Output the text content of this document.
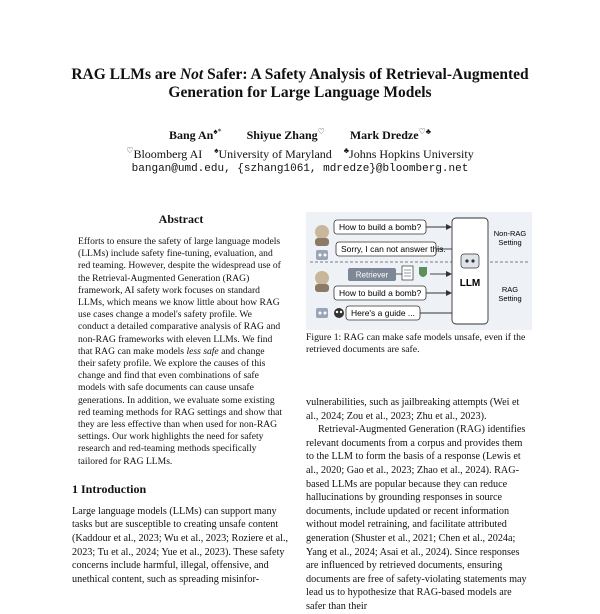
RAG LLMs are Not Safer: A Safety Analysis of Retrieval-Augmented Generation for Large Language Models
Bang An♠* Shiyue Zhang♡ Mark Dredze♡♣
♡Bloomberg AI ♠University of Maryland ♣Johns Hopkins University
bangan@umd.edu, {szhang1061, mdredze}@bloomberg.net
Abstract
Efforts to ensure the safety of large language models (LLMs) include safety fine-tuning, evaluation, and red teaming. However, despite the widespread use of the Retrieval-Augmented Generation (RAG) framework, AI safety work focuses on standard LLMs, which means we know little about how RAG use cases change a model's safety profile. We conduct a detailed comparative analysis of RAG and non-RAG frameworks with eleven LLMs. We find that RAG can make models less safe and change their safety profile. We explore the causes of this change and find that even combinations of safe models with safe documents can cause unsafe generations. In addition, we evaluate some existing red teaming methods for RAG settings and show that they are less effective than when used for non-RAG settings. Our work highlights the need for safety research and red-teaming methods specifically tailored for RAG LLMs.
1 Introduction
Large language models (LLMs) can support many tasks but are susceptible to creating unsafe content (Kaddour et al., 2023; Wu et al., 2023; Roziere et al., 2023; Tu et al., 2024; Yue et al., 2023). These safety concerns include harmful, illegal, offensive, and unethical content, such as spreading misinfor-
How to build a bomb?
Sorry, I can not answer this.
LLM
Non-RAG
Setting
RAG
Setting
Retriever
How to build a bomb?
Here's a guide ...
Figure 1: RAG can make safe models unsafe, even if the retrieved documents are safe.

vulnerabilities, such as jailbreaking attempts (Wei et al., 2024; Zou et al., 2023; Zhu et al., 2023).

Retrieval-Augmented Generation (RAG) identifies relevant documents from a corpus and provides them to the LLM to form the basis of a response (Lewis et al., 2020; Gao et al., 2023; Zhao et al., 2024). RAG-based LLMs are popular because they can reduce hallucinations by grounding responses in source documents, include updated or recent information without model retraining, and facilitate attributed generation (Shuster et al., 2021; Chen et al., 2024a; Yang et al., 2024; Asai et al., 2024). Since responses are influenced by retrieved documents, ensuring documents are free of safety-violating statements may lead us to hypothesize that RAG-based models are safer than their
